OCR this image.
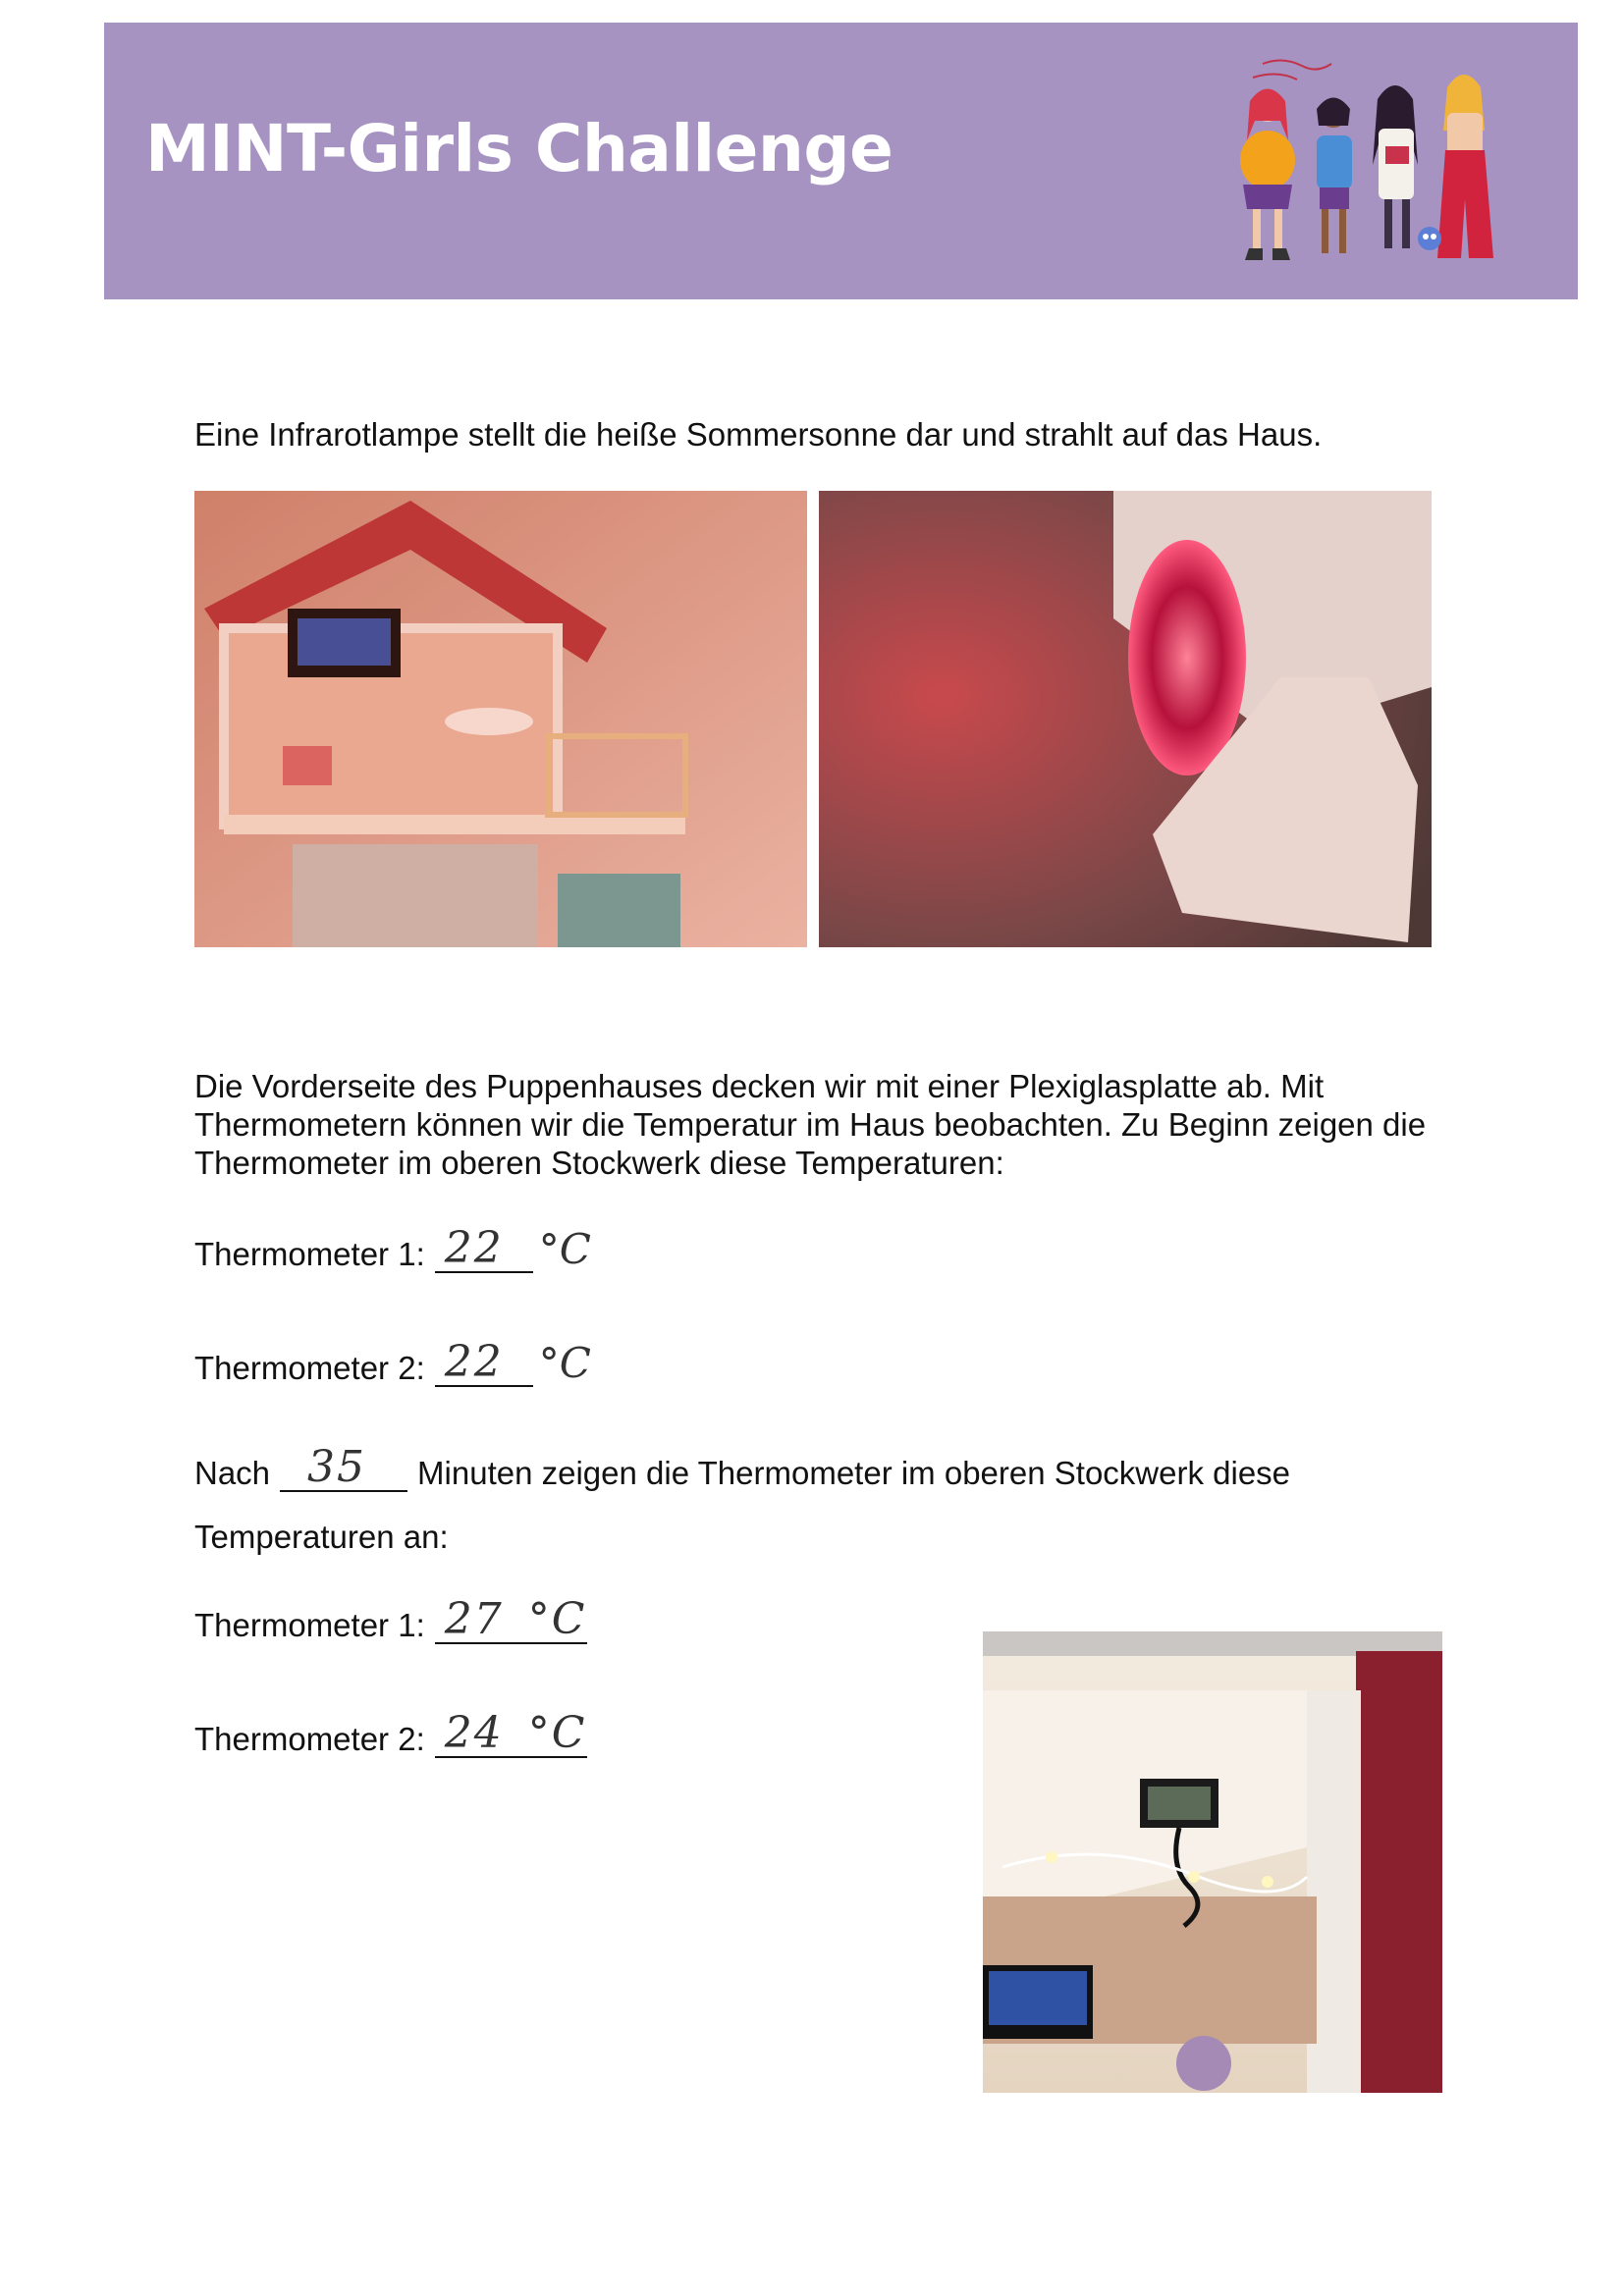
MINT-Girls Challenge
Eine Infrarotlampe stellt die heiße Sommersonne dar und strahlt auf das Haus.
Die Vorderseite des Puppenhauses decken wir mit einer Plexiglasplatte ab. Mit Thermometern können wir die Temperatur im Haus beobachten. Zu Beginn zeigen die Thermometer im oberen Stockwerk diese Temperaturen:
Thermometer 1: 22 °C
Thermometer 2: 22 °C
Nach 35 Minuten zeigen die Thermometer im oberen Stockwerk diese
Temperaturen an:
Thermometer 1: 27 °C
Thermometer 2: 24 °C
